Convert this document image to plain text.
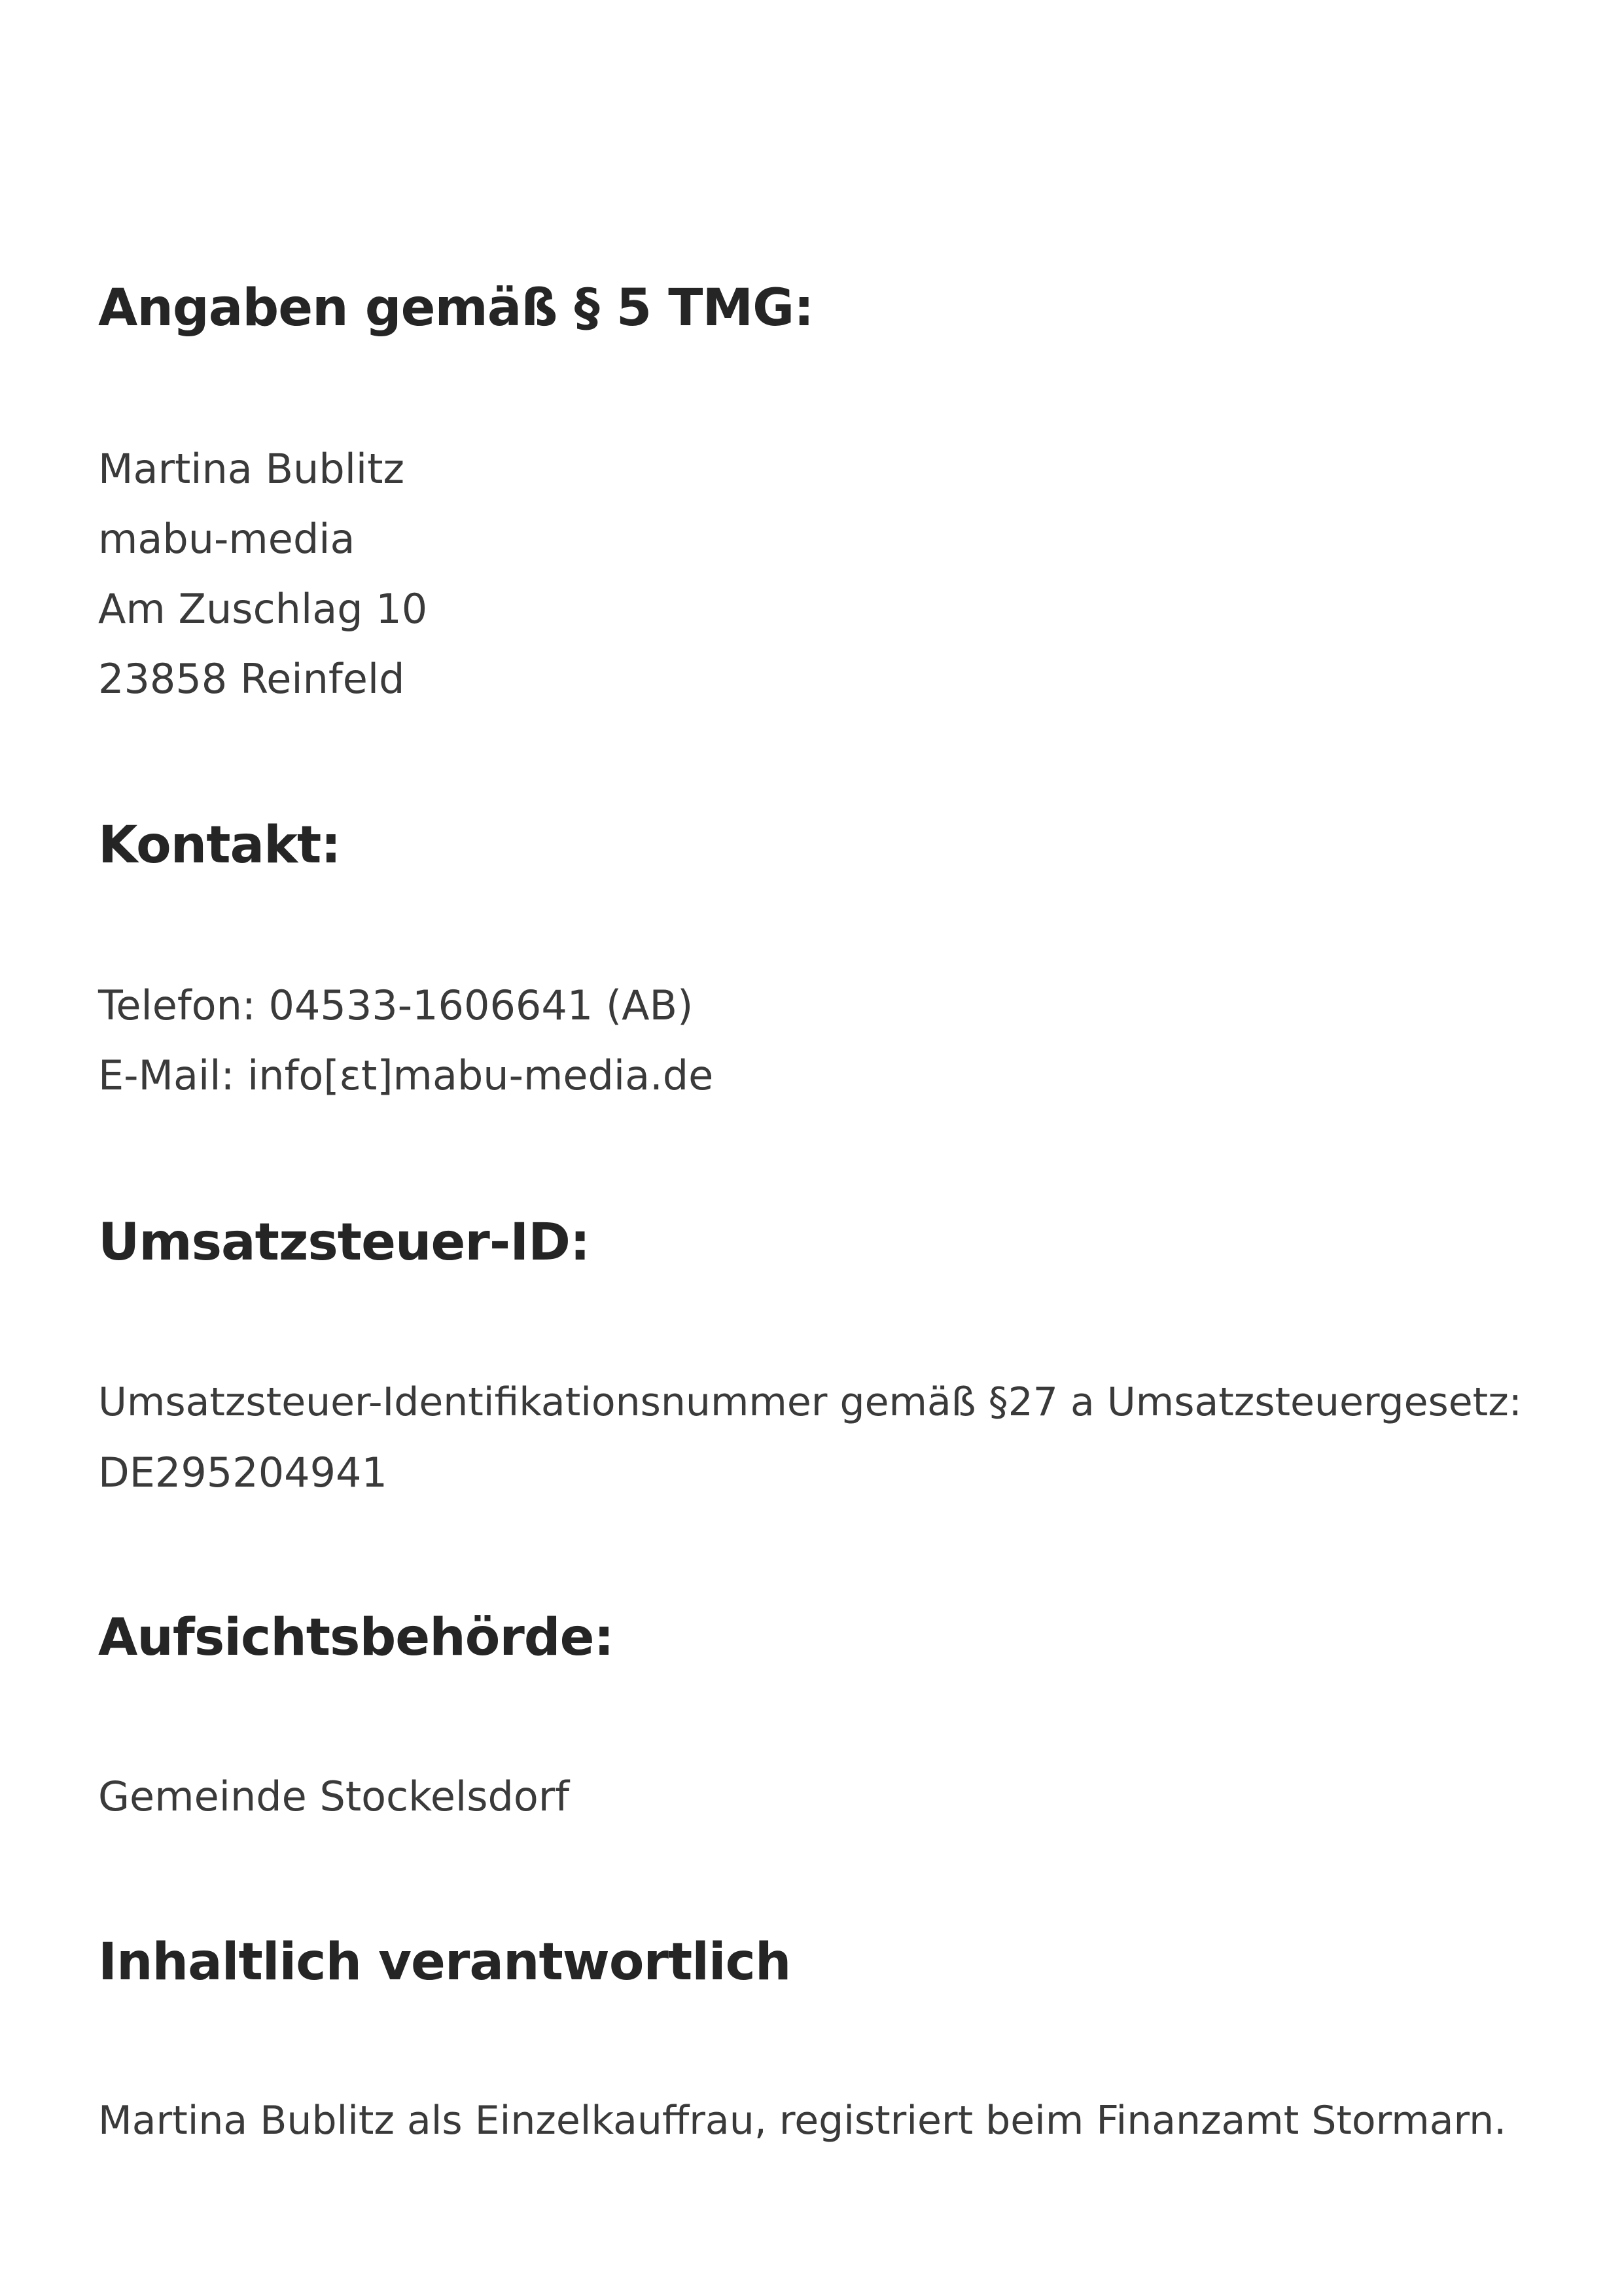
Angaben gemäß § 5 TMG:
Martina Bublitz
mabu-media
Am Zuschlag 10
23858 Reinfeld
Kontakt:
Telefon: 04533-1606641 (AB)
E-Mail: info[εt]mabu-media.de
Umsatzsteuer-ID:
Umsatzsteuer-Identifikationsnummer gemäß §27 a Umsatzsteuergesetz:
DE295204941
Aufsichtsbehörde:
Gemeinde Stockelsdorf
Inhaltlich verantwortlich
Martina Bublitz als Einzelkauffrau, registriert beim Finanzamt Stormarn.
